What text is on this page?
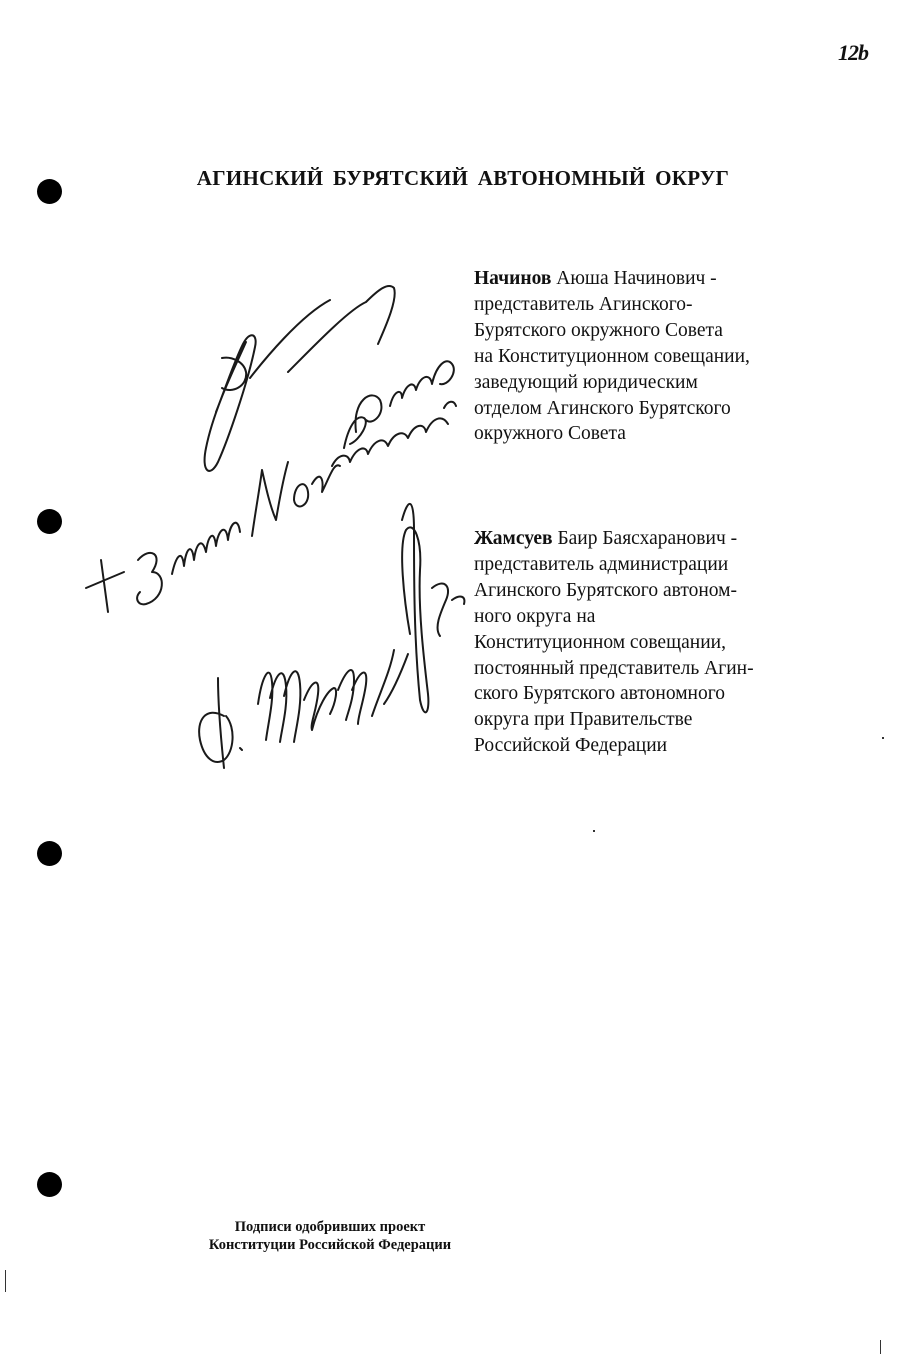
12b
АГИНСКИЙ БУРЯТСКИЙ АВТОНОМНЫЙ ОКРУГ
Начинов Аюша Начинович -
представитель Агинского-
Бурятского окружного Совета
на Конституционном совещании,
заведующий юридическим
отделом Агинского Бурятского
окружного Совета
Жамсуев Баир Баясхаранович -
представитель администрации
Агинского Бурятского автоном-
ного округа на
Конституционном совещании,
постоянный представитель Агин-
ского Бурятского автономного
округа при Правительстве
Российской Федерации
Подписи одобривших проект
Конституции Российской Федерации
